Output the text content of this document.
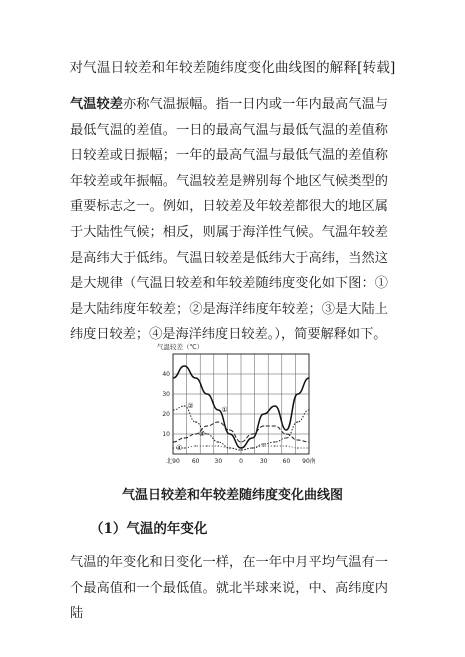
对气温日较差和年较差随纬度变化曲线图的解释[转载]
气温较差亦称气温振幅。指一日内或一年内最高气温与最低气温的差值。一日的最高气温与最低气温的差值称日较差或日振幅；一年的最高气温与最低气温的差值称年较差或年振幅。气温较差是辨别每个地区气候类型的重要标志之一。例如，日较差及年较差都很大的地区属于大陆性气候；相反，则属于海洋性气候。气温年较差是高纬大于低纬。气温日较差是低纬大于高纬，当然这是大规律（气温日较差和年较差随纬度变化如下图：①是大陆纬度年较差；②是海洋纬度年较差；③是大陆上纬度日较差；④是海洋纬度日较差。），简要解释如下。
气温较差（℃）
10
20
30
40
北90 60	30	0	30	60 90南
①
②
③
④
气温日较差和年较差随纬度变化曲线图
（1）气温的年变化
气温的年变化和日变化一样，在一年中月平均气温有一个最高值和一个最低值。就北半球来说，中、高纬度内陆
